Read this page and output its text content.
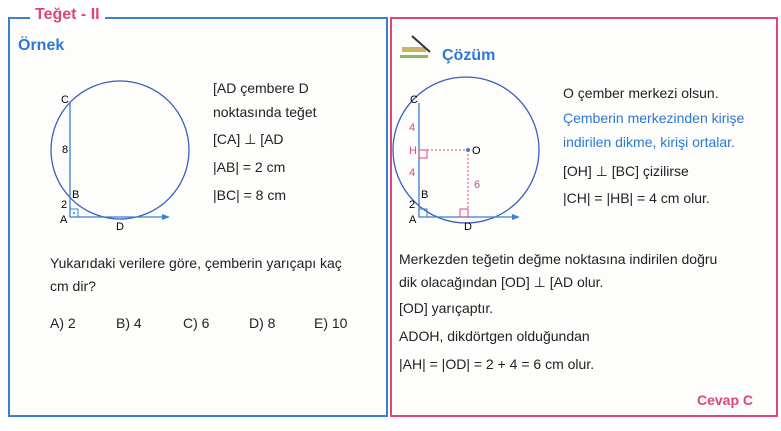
Teğet - II
Örnek
C
8
B
2
A
D
C
4
H	O
4
6
B
2
A
D
[AD çembere D
noktasında teğet
[CA] ⊥ [AD
|AB| = 2 cm
|BC| = 8 cm
Yukarıdaki verilere göre, çemberin yarıçapı kaç
cm dir?
A) 2	B) 4	C) 6	D) 8	E) 10
Çözüm
O çember merkezi olsun.
Çemberin merkezinden kirişe
indirilen dikme, kirişi ortalar.
[OH] ⊥ [BC] çizilirse
|CH| = |HB| = 4 cm olur.
Merkezden teğetin değme noktasına indirilen doğru
dik olacağından [OD] ⊥ [AD olur.
[OD] yarıçaptır.
ADOH, dikdörtgen olduğundan
|AH| = |OD| = 2 + 4 = 6 cm olur.
Cevap C
